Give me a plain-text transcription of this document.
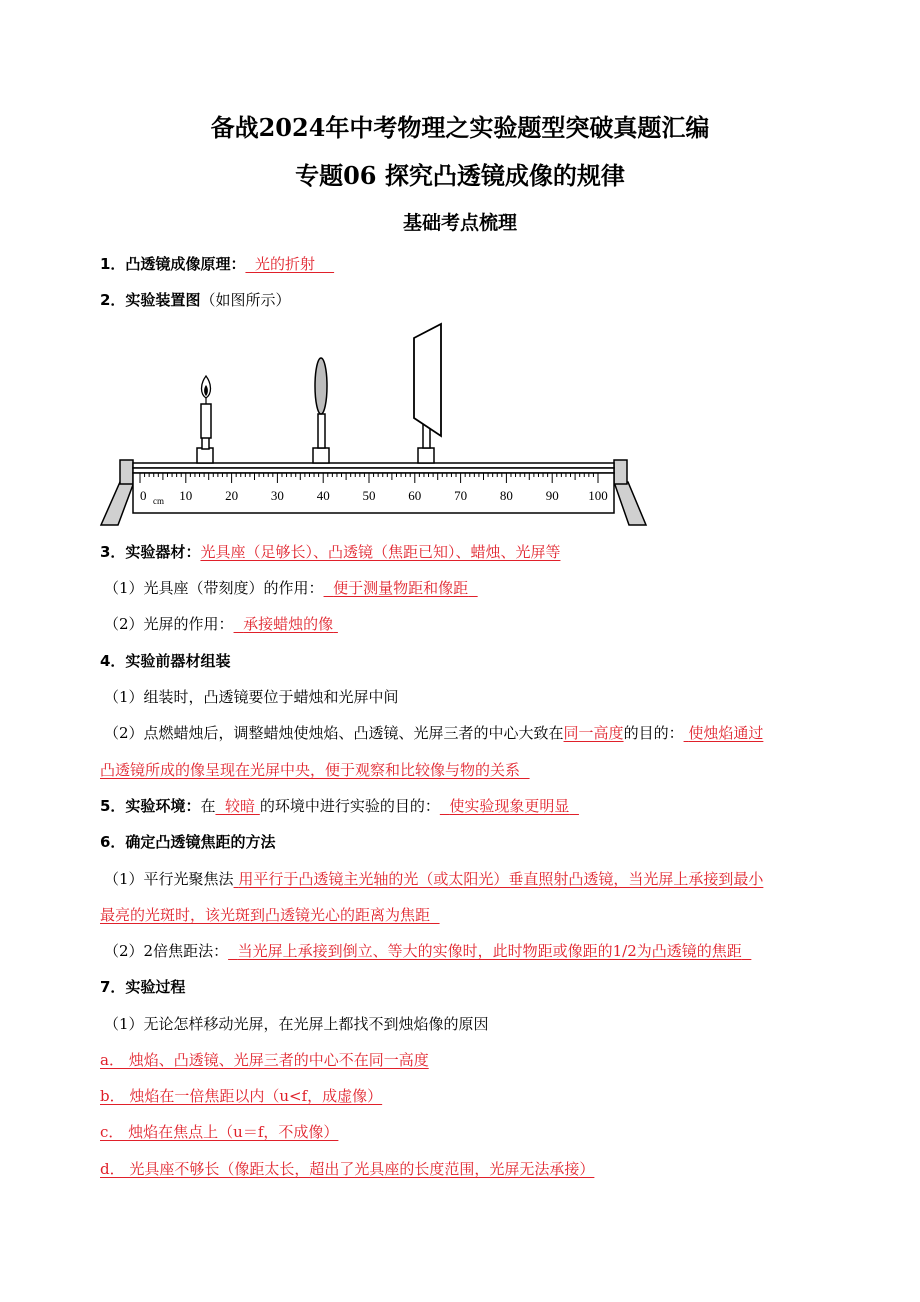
备战2024年中考物理之实验题型突破真题汇编
专题06 探究凸透镜成像的规律
基础考点梳理
1．凸透镜成像原理： 光的折射
2．实验装置图（如图所示）
0	10	20	30	40	50	60	70	80	90 100
cm
3．实验器材：光具座（足够长）、凸透镜（焦距已知）、蜡烛、光屏等
（1）光具座（带刻度）的作用： 便于测量物距和像距
（2）光屏的作用： 承接蜡烛的像
4．实验前器材组装
（1）组装时，凸透镜要位于蜡烛和光屏中间
（2）点燃蜡烛后，调整蜡烛使烛焰、凸透镜、光屏三者的中心大致在同一高度的目的： 使烛焰通过
凸透镜所成的像呈现在光屏中央，便于观察和比较像与物的关系
5．实验环境：在 较暗 的环境中进行实验的目的： 使实验现象更明显
6．确定凸透镜焦距的方法
（1）平行光聚焦法 用平行于凸透镜主光轴的光（或太阳光）垂直照射凸透镜，当光屏上承接到最小
最亮的光斑时，该光斑到凸透镜光心的距离为焦距
（2）2倍焦距法： 当光屏上承接到倒立、等大的实像时，此时物距或像距的1/2为凸透镜的焦距
7．实验过程
（1）无论怎样移动光屏，在光屏上都找不到烛焰像的原因
a． 烛焰、凸透镜、光屏三者的中心不在同一高度
b． 烛焰在一倍焦距以内（u<f，成虚像）
c． 烛焰在焦点上（u＝f，不成像）
d． 光具座不够长（像距太长，超出了光具座的长度范围，光屏无法承接）
